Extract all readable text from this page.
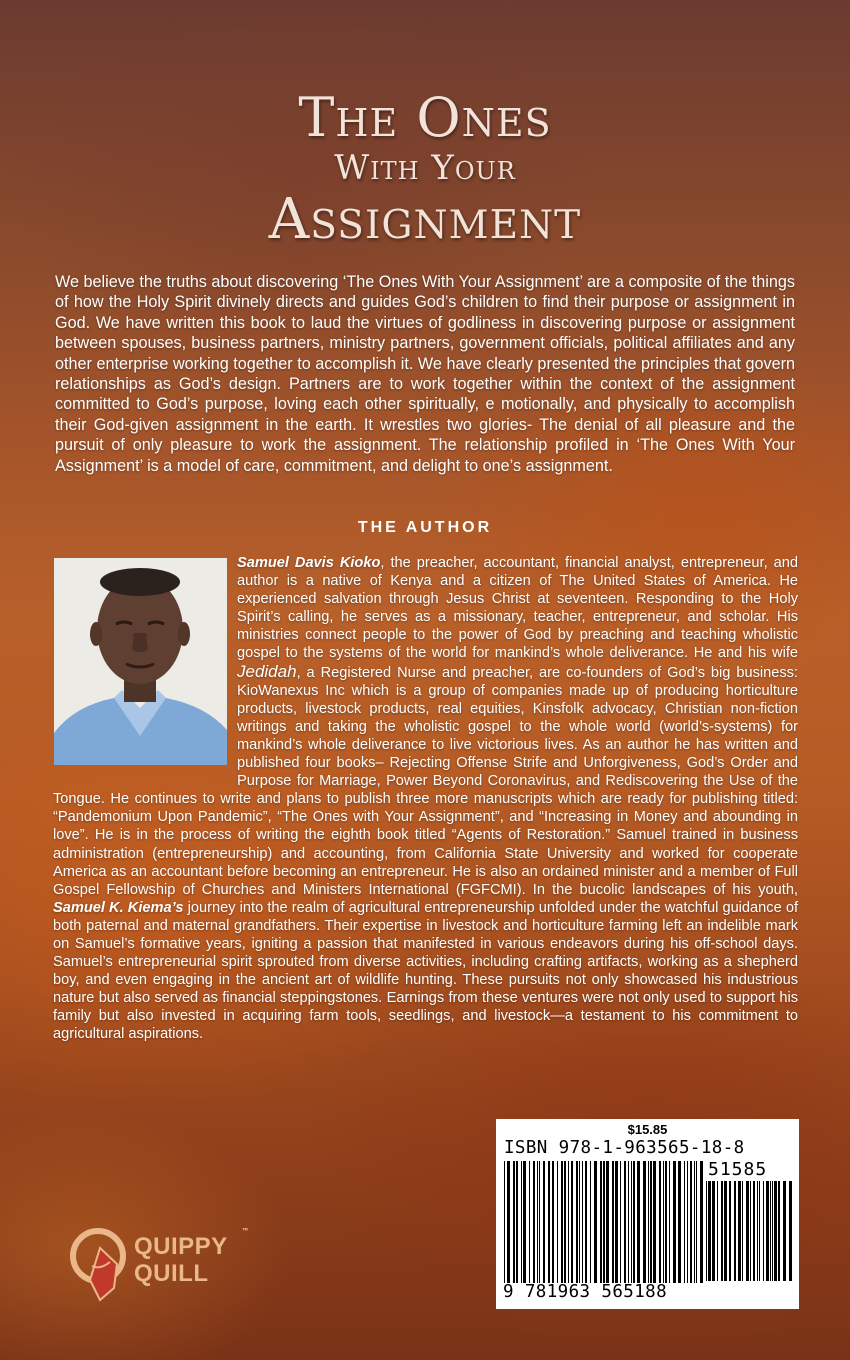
The Ones
With Your
Assignment
We believe the truths about discovering ‘The Ones With Your Assignment’ are a composite of the things of how the Holy Spirit divinely directs and guides God’s children to find their purpose or assignment in God. We have written this book to laud the virtues of godliness in discovering purpose or assignment between spouses, business partners, ministry partners, government officials, political affiliates and any other enterprise working together to accomplish it. We have clearly presented the principles that govern relationships as God’s design. Partners are to work together within the context of the assignment committed to God’s purpose, loving each other spiritually, e motionally, and physically to accomplish their God-given assignment in the earth. It wrestles two glories- The denial of all pleasure and the pursuit of only pleasure to work the assignment. The relationship profiled in ‘The Ones With Your Assignment’ is a model of care, commitment, and delight to one’s assignment.
THE AUTHOR
Samuel Davis Kioko, the preacher, accountant, financial analyst, entrepreneur, and author is a native of Kenya and a citizen of The United States of America. He experienced salvation through Jesus Christ at seventeen. Responding to the Holy Spirit’s calling, he serves as a missionary, teacher, entrepreneur, and scholar. His ministries connect people to the power of God by preaching and teaching wholistic gospel to the systems of the world for mankind’s whole deliverance. He and his wife Jedidah, a Registered Nurse and preacher, are co-founders of God’s big business: KioWanexus Inc which is a group of companies made up of producing horticulture products, livestock products, real equities, Kinsfolk advocacy, Christian non-fiction writings and taking the wholistic gospel to the whole world (world’s-systems) for mankind’s whole deliverance to live victorious lives. As an author he has written and published four books– Rejecting Offense Strife and Unforgiveness, God’s Order and Purpose for Marriage, Power Beyond Coronavirus, and Rediscovering the Use of the Tongue. He continues to write and plans to publish three more manuscripts which are ready for publishing titled: “Pandemonium Upon Pandemic”, “The Ones with Your Assignment”, and “Increasing in Money and abounding in love”. He is in the process of writing the eighth book titled “Agents of Restoration.” Samuel trained in business administration (entrepreneurship) and accounting, from California State University and worked for cooperate America as an accountant before becoming an entrepreneur. He is also an ordained minister and a member of Full Gospel Fellowship of Churches and Ministers International (FGFCMI). In the bucolic landscapes of his youth, Samuel K. Kiema’s journey into the realm of agricultural entrepreneurship unfolded under the watchful guidance of both paternal and maternal grandfathers. Their expertise in livestock and horticulture farming left an indelible mark on Samuel’s formative years, igniting a passion that manifested in various endeavors during his off-school days. Samuel’s entrepreneurial spirit sprouted from diverse activities, including crafting artifacts, working as a shepherd boy, and even engaging in the ancient art of wildlife hunting. These pursuits not only showcased his industrious nature but also served as financial steppingstones. Earnings from these ventures were not only used to support his family but also invested in acquiring farm tools, seedlings, and livestock—a testament to his commitment to agricultural aspirations.
$15.85
ISBN 978-1-963565-18-8
51585
9 781963 565188
QUIPPY
QUILL
™
